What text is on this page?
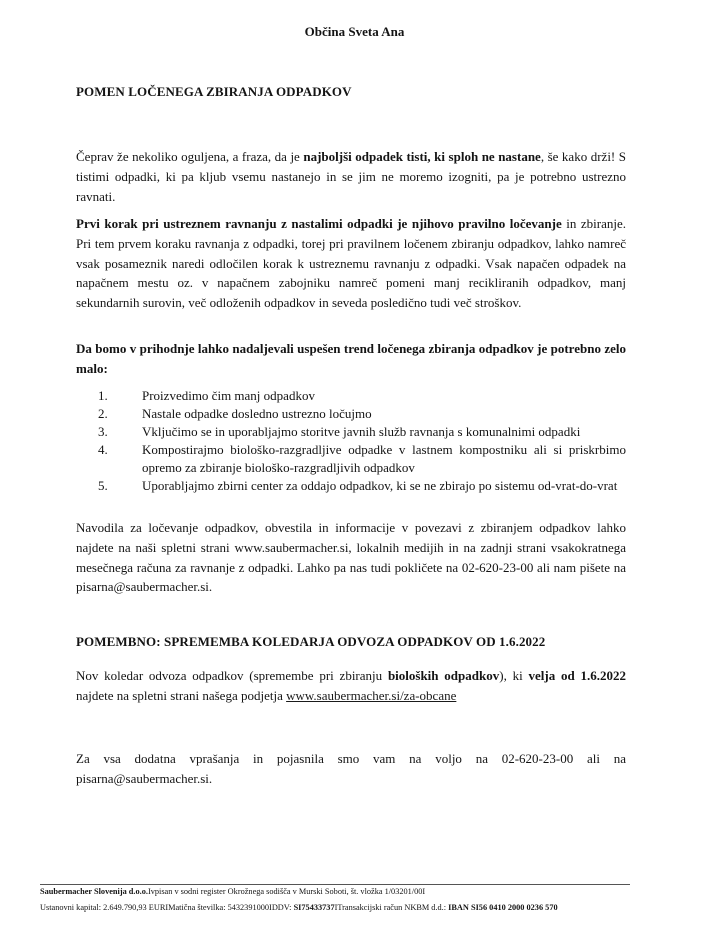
Občina Sveta Ana
POMEN LOČENEGA ZBIRANJA ODPADKOV
Čeprav že nekoliko oguljena, a fraza, da je najboljši odpadek tisti, ki sploh ne nastane, še kako drži! S tistimi odpadki, ki pa kljub vsemu nastanejo in se jim ne moremo izogniti, pa je potrebno ustrezno ravnati.
Prvi korak pri ustreznem ravnanju z nastalimi odpadki je njihovo pravilno ločevanje in zbiranje. Pri tem prvem koraku ravnanja z odpadki, torej pri pravilnem ločenem zbiranju odpadkov, lahko namreč vsak posameznik naredi odločilen korak k ustreznemu ravnanju z odpadki. Vsak napačen odpadek na napačnem mestu oz. v napačnem zabojniku namreč pomeni manj recikliranih odpadkov, manj sekundarnih surovin, več odloženih odpadkov in seveda posledično tudi več stroškov.
Da bomo v prihodnje lahko nadaljevali uspešen trend ločenega zbiranja odpadkov je potrebno zelo malo:
1.	Proizvedimo čim manj odpadkov
2.	Nastale odpadke dosledno ustrezno ločujmo
3.	Vključimo se in uporabljajmo storitve javnih služb ravnanja s komunalnimi odpadki
4.	Kompostirajmo biološko-razgradljive odpadke v lastnem kompostniku ali si priskrbimo opremo za zbiranje biološko-razgradljivih odpadkov
5.	Uporabljajmo zbirni center za oddajo odpadkov, ki se ne zbirajo po sistemu od-vrat-do-vrat
Navodila za ločevanje odpadkov, obvestila in informacije v povezavi z zbiranjem odpadkov lahko najdete na naši spletni strani www.saubermacher.si, lokalnih medijih in na zadnji strani vsakokratnega mesečnega računa za ravnanje z odpadki. Lahko pa nas tudi pokličete na 02-620-23-00 ali nam pišete na pisarna@saubermacher.si.
POMEMBNO: SPREMEMBA KOLEDARJA ODVOZA ODPADKOV OD 1.6.2022
Nov koledar odvoza odpadkov (spremembe pri zbiranju bioloških odpadkov), ki velja od 1.6.2022 najdete na spletni strani našega podjetja www.saubermacher.si/za-obcane
Za vsa dodatna vprašanja in pojasnila smo vam na voljo na 02-620-23-00 ali na pisarna@saubermacher.si.
Saubermacher Slovenija d.o.o.Ivpisan v sodni register Okrožnega sodišča v Murski Soboti, št. vložka 1/03201/00I
Ustanovni kapital: 2.649.790,93 EURIMatična številka: 5432391000IDDV: SI75433737ITransakcijski račun NKBM d.d.: IBAN SI56 0410 2000 0236 570
